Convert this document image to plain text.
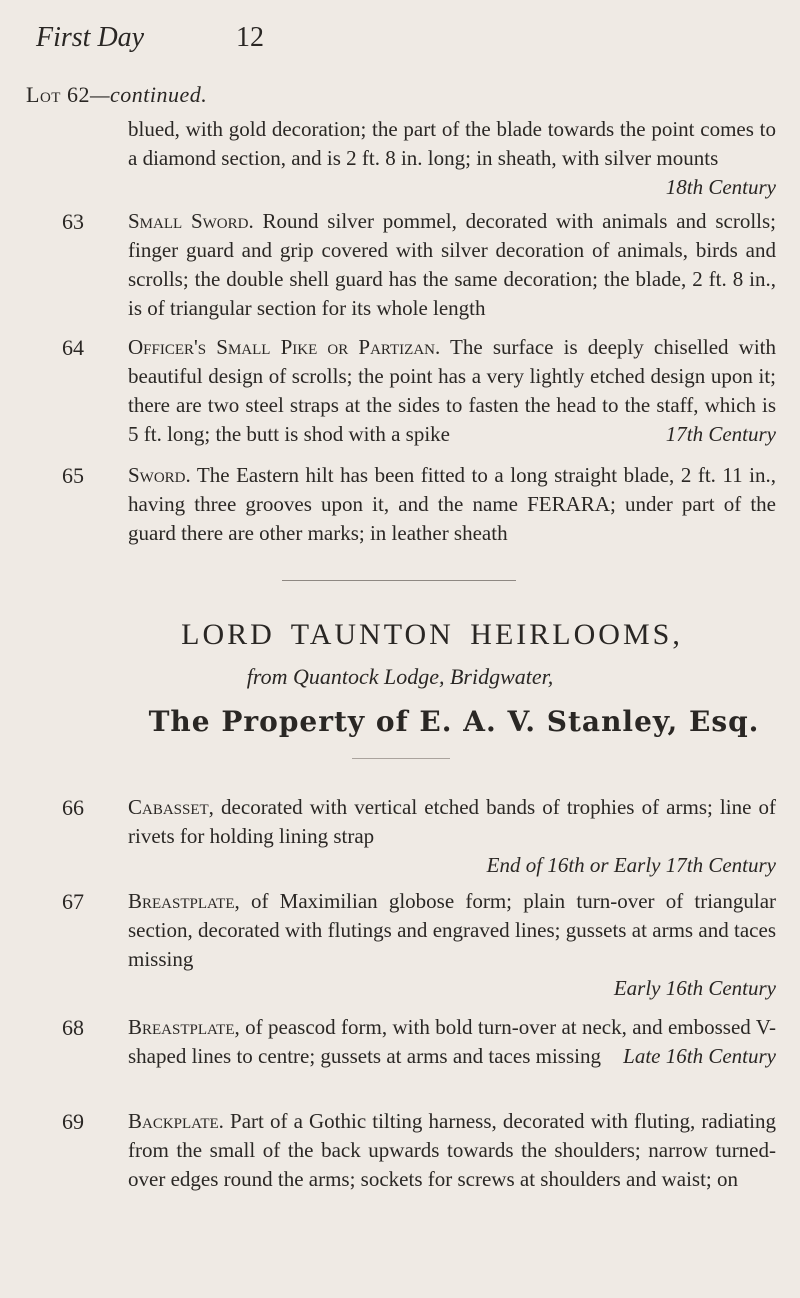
First Day	12
Lot 62—continued.
blued, with gold decoration; the part of the blade towards the point comes to a diamond section, and is 2 ft. 8 in. long; in sheath, with silver mounts
18th Century
63	Small Sword. Round silver pommel, decorated with animals and scrolls; finger guard and grip covered with silver decoration of animals, birds and scrolls; the double shell guard has the same decoration; the blade, 2 ft. 8 in., is of triangular section for its whole length
64	Officer's Small Pike or Partizan. The surface is deeply chiselled with beautiful design of scrolls; the point has a very lightly etched design upon it; there are two steel straps at the sides to fasten the head to the staff, which is 5 ft. long; the butt is shod with a spike	17th Century
65	Sword. The Eastern hilt has been fitted to a long straight blade, 2 ft. 11 in., having three grooves upon it, and the name FERARA; under part of the guard there are other marks; in leather sheath
LORD TAUNTON HEIRLOOMS,
from Quantock Lodge, Bridgwater,
The Property of E. A. V. Stanley, Esq.
66	Cabasset, decorated with vertical etched bands of trophies of arms; line of rivets for holding lining strap
End of 16th or Early 17th Century
67	Breastplate, of Maximilian globose form; plain turn-over of triangular section, decorated with flutings and engraved lines; gussets at arms and taces missing
Early 16th Century
68	Breastplate, of peascod form, with bold turn-over at neck, and embossed V-shaped lines to centre; gussets at arms and taces missing Late 16th Century
69	Backplate. Part of a Gothic tilting harness, decorated with fluting, radiating from the small of the back upwards towards the shoulders; narrow turned-over edges round the arms; sockets for screws at shoulders and waist; on
